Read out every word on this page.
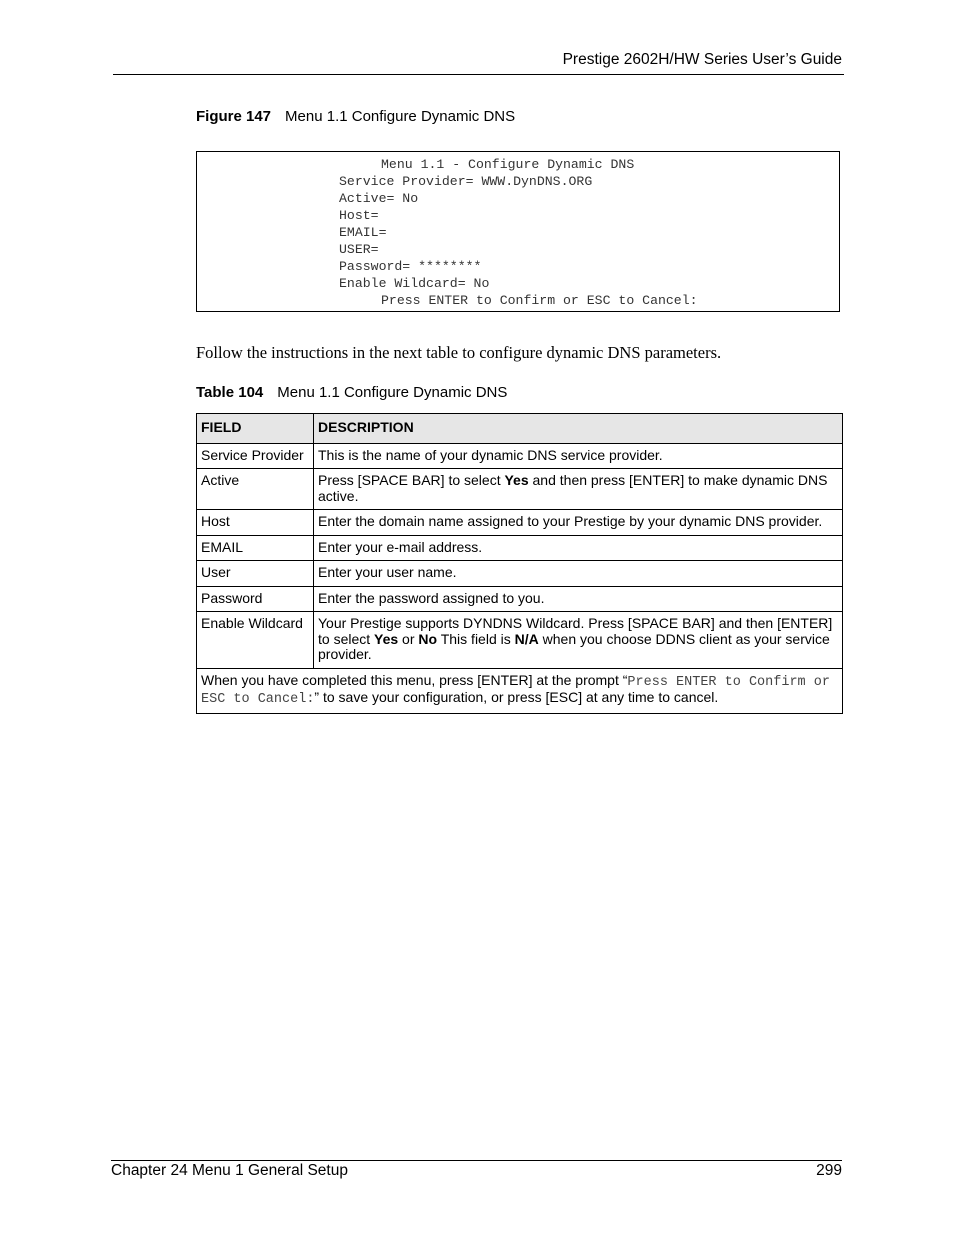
Prestige 2602H/HW Series User’s Guide
Figure 147 Menu 1.1 Configure Dynamic DNS
Menu 1.1 - Configure Dynamic DNS
Service Provider= WWW.DynDNS.ORG
Active= No
Host=
EMAIL=
USER=
Password= ********
Enable Wildcard= No
Press ENTER to Confirm or ESC to Cancel:
Follow the instructions in the next table to configure dynamic DNS parameters.
Table 104 Menu 1.1 Configure Dynamic DNS
FIELD	DESCRIPTION
Service Provider	This is the name of your dynamic DNS service provider.
Active	Press [SPACE BAR] to select Yes and then press [ENTER] to make dynamic DNS active.
Host	Enter the domain name assigned to your Prestige by your dynamic DNS provider.
EMAIL	Enter your e-mail address.
User	Enter your user name.
Password	Enter the password assigned to you.
Enable Wildcard	Your Prestige supports DYNDNS Wildcard. Press [SPACE BAR] and then [ENTER] to select Yes or No This field is N/A when you choose DDNS client as your service provider.
When you have completed this menu, press [ENTER] at the prompt “Press ENTER to Confirm or ESC to Cancel:” to save your configuration, or press [ESC] at any time to cancel.	
Chapter 24 Menu 1 General Setup	299
